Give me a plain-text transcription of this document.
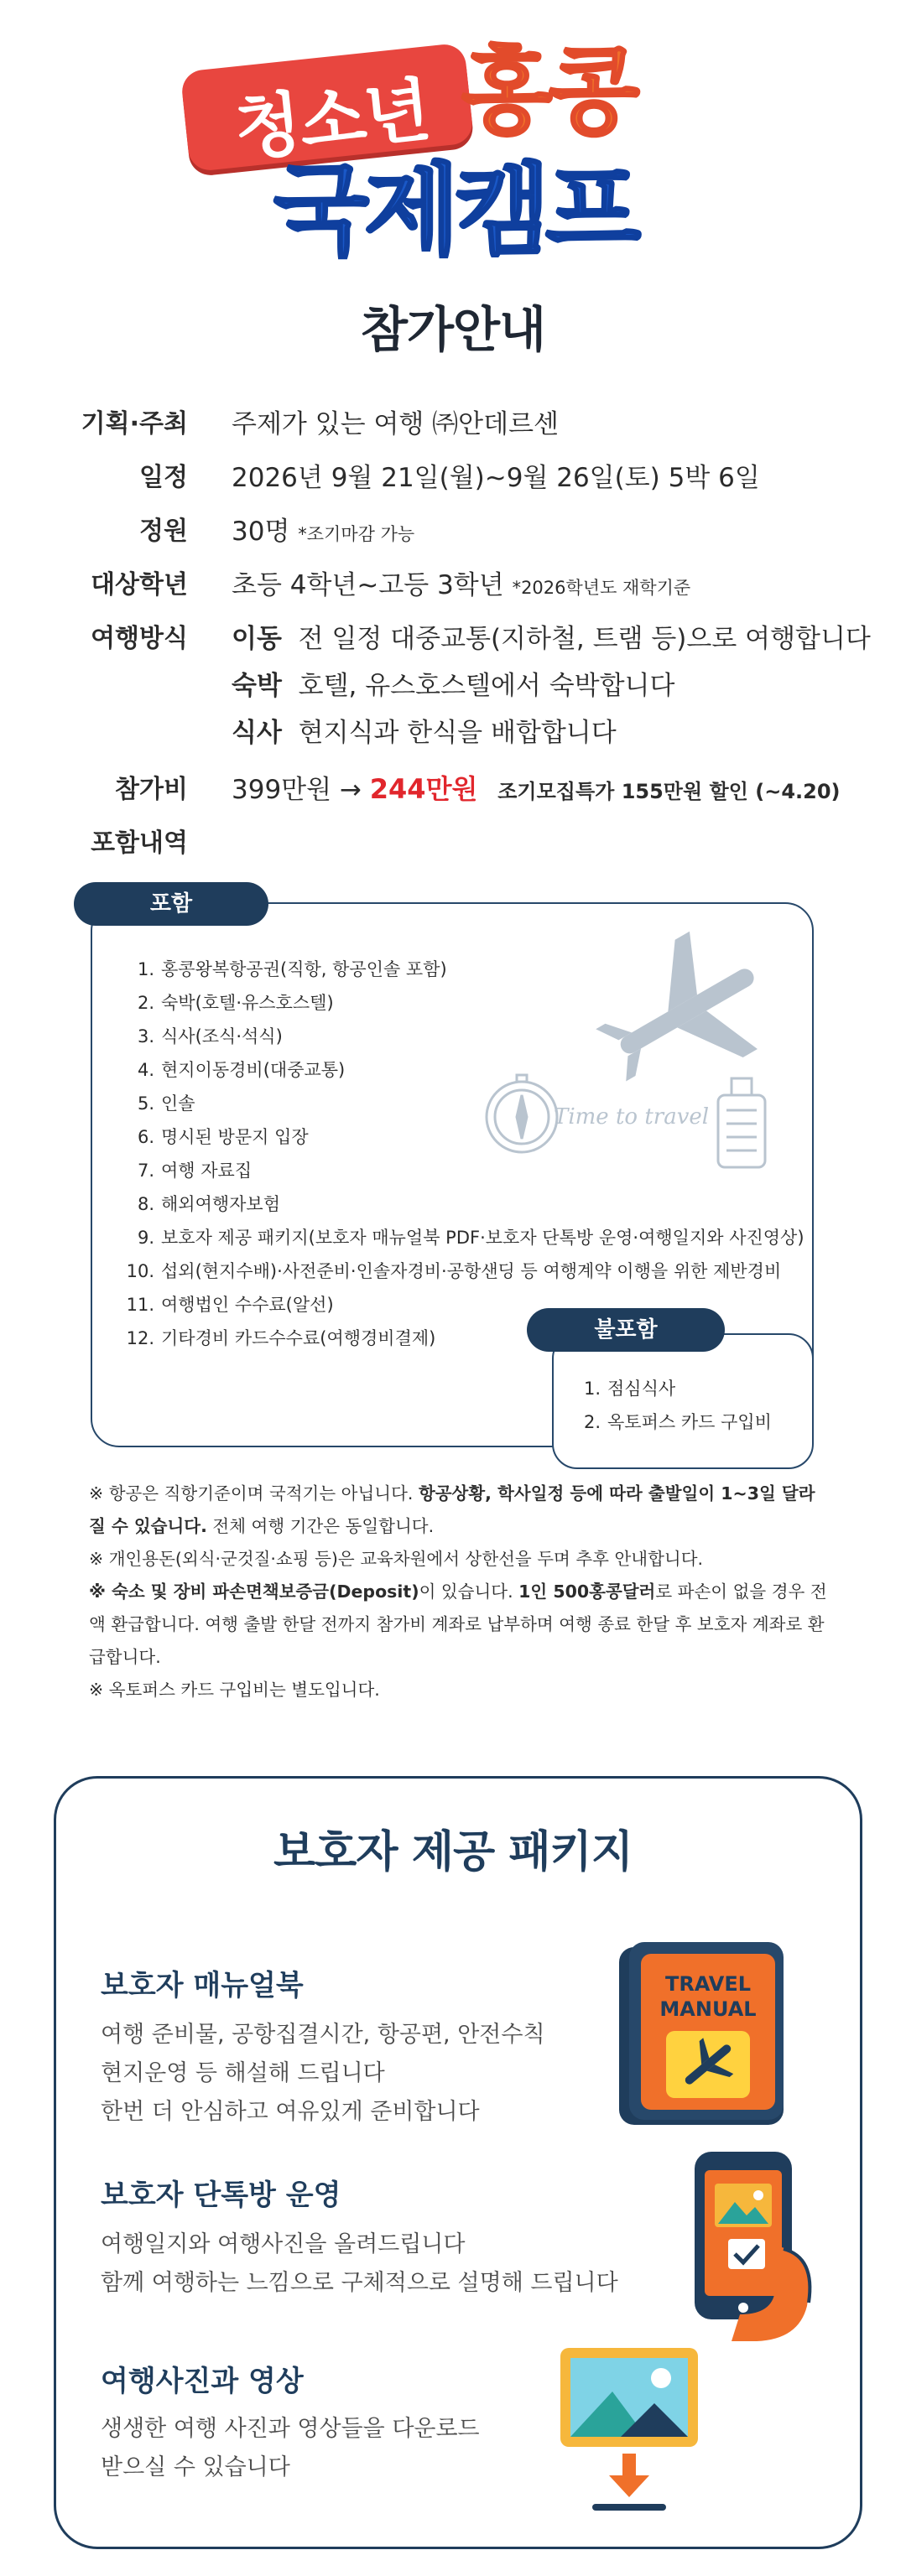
청소년 홍콩
국제캠프
참가안내
기획·주최 주제가 있는 여행 ㈜안데르센
일정 2026년 9월 21일(월)~9월 26일(토) 5박 6일
정원 30명 *조기마감 가능
대상학년 초등 4학년~고등 3학년 *2026학년도 재학기준
여행방식 이동 전 일정 대중교통(지하철, 트램 등)으로 여행합니다
숙박 호텔, 유스호스텔에서 숙박합니다
식사 현지식과 한식을 배합합니다
참가비 399만원 → 244만원 조기모집특가 155만원 할인 (~4.20)
포함내역
포함
Time to travel
1. 홍콩왕복항공권(직항, 항공인솔 포함)
2. 숙박(호텔·유스호스텔)
3. 식사(조식·석식)
4. 현지이동경비(대중교통)
5. 인솔
6. 명시된 방문지 입장
7. 여행 자료집
8. 해외여행자보험
9. 보호자 제공 패키지(보호자 매뉴얼북 PDF·보호자 단톡방 운영·여행일지와 사진영상)
10. 섭외(현지수배)·사전준비·인솔자경비·공항샌딩 등 여행계약 이행을 위한 제반경비
11. 여행법인 수수료(알선)
12. 기타경비 카드수수료(여행경비결제)	불포함
1. 점심식사
2. 옥토퍼스 카드 구입비

※ 항공은 직항기준이며 국적기는 아닙니다. 항공상황, 학사일정 등에 따라 출발일이 1~3일 달라질 수 있습니다. 전체 여행 기간은 동일합니다.

※ 개인용돈(외식·군것질·쇼핑 등)은 교육차원에서 상한선을 두며 추후 안내합니다.

※ 숙소 및 장비 파손면책보증금(Deposit)이 있습니다. 1인 500홍콩달러로 파손이 없을 경우 전액 환급합니다. 여행 출발 한달 전까지 참가비 계좌로 납부하며 여행 종료 한달 후 보호자 계좌로 환급합니다.

※ 옥토퍼스 카드 구입비는 별도입니다.

보호자 제공 패키지
보호자 매뉴얼북
여행 준비물, 공항집결시간, 항공편, 안전수칙
현지운영 등 해설해 드립니다
한번 더 안심하고 여유있게 준비합니다
TRAVEL
MANUAL
보호자 단톡방 운영
여행일지와 여행사진을 올려드립니다
함께 여행하는 느낌으로 구체적으로 설명해 드립니다
여행사진과 영상
생생한 여행 사진과 영상들을 다운로드
받으실 수 있습니다
